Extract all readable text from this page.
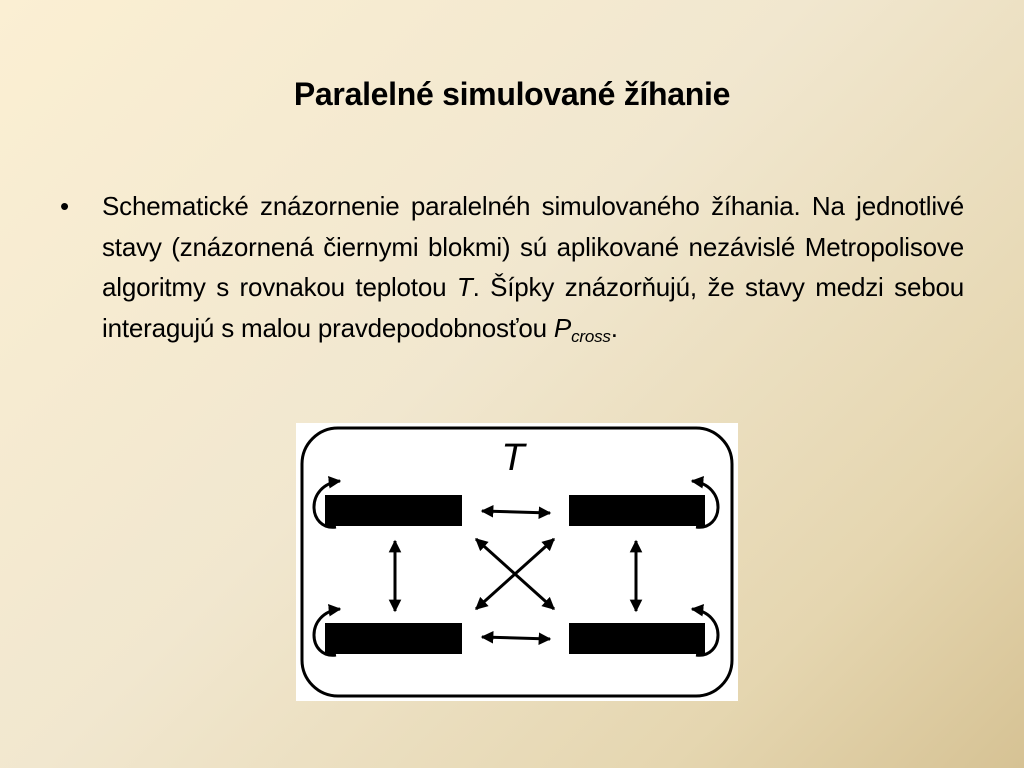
Paralelné simulované žíhanie
• Schematické znázornenie paralelnéh simulovaného žíhania. Na jednotlivé stavy (znázornená čiernymi blokmi) sú aplikované nezávislé Metropolisove algoritmy s rovnakou teplotou T. Šípky znázorňujú, že stavy medzi sebou interagujú s malou pravdepodobnosťou $P_{cross}$.
T
